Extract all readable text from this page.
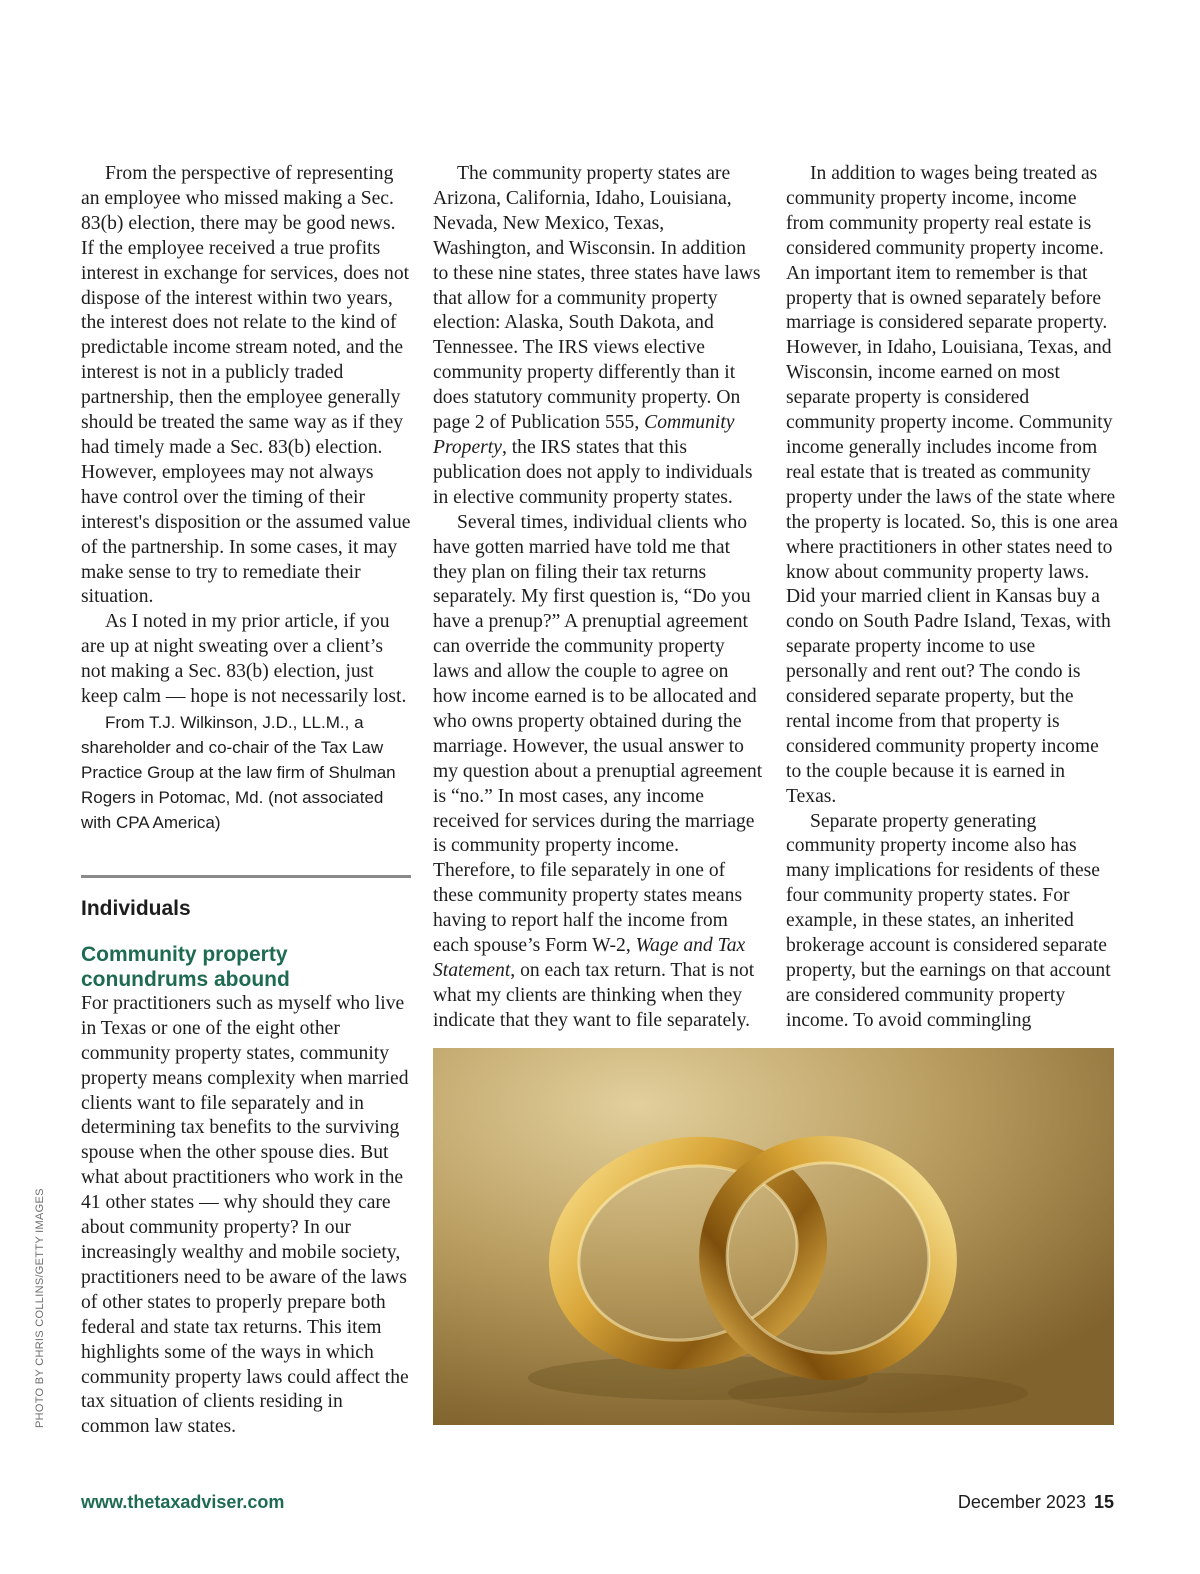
From the perspective of representing an employee who missed making a Sec. 83(b) election, there may be good news. If the employee received a true profits interest in exchange for services, does not dispose of the interest within two years, the interest does not relate to the kind of predictable income stream noted, and the interest is not in a publicly traded partnership, then the employee generally should be treated the same way as if they had timely made a Sec. 83(b) election. However, employees may not always have control over the timing of their interest's disposition or the assumed value of the partnership. In some cases, it may make sense to try to remediate their situation.

As I noted in my prior article, if you are up at night sweating over a client’s not making a Sec. 83(b) election, just keep calm — hope is not necessarily lost.

From T.J. Wilkinson, J.D., LL.M., a shareholder and co-chair of the Tax Law Practice Group at the law firm of Shulman Rogers in Potomac, Md. (not associated with CPA America)

Individuals
Community property conundrums abound

For practitioners such as myself who live in Texas or one of the eight other community property states, community property means complexity when married clients want to file separately and in determining tax benefits to the surviving spouse when the other spouse dies. But what about practitioners who work in the 41 other states — why should they care about community property? In our increasingly wealthy and mobile society, practitioners need to be aware of the laws of other states to properly prepare both federal and state tax returns. This item highlights some of the ways in which community property laws could affect the tax situation of clients residing in common law states.

The community property states are Arizona, California, Idaho, Louisiana, Nevada, New Mexico, Texas, Washington, and Wisconsin. In addition to these nine states, three states have laws that allow for a community property election: Alaska, South Dakota, and Tennessee. The IRS views elective community property differently than it does statutory community property. On page 2 of Publication 555, Community Property, the IRS states that this publication does not apply to individuals in elective community property states.

Several times, individual clients who have gotten married have told me that they plan on filing their tax returns separately. My first question is, “Do you have a prenup?” A prenuptial agreement can override the community property laws and allow the couple to agree on how income earned is to be allocated and who owns property obtained during the marriage. However, the usual answer to my question about a prenuptial agreement is “no.” In most cases, any income received for services during the marriage is community property income. Therefore, to file separately in one of these community property states means having to report half the income from each spouse’s Form W-2, Wage and Tax Statement, on each tax return. That is not what my clients are thinking when they indicate that they want to file separately.

In addition to wages being treated as community property income, income from community property real estate is considered community property income. An important item to remember is that property that is owned separately before marriage is considered separate property. However, in Idaho, Louisiana, Texas, and Wisconsin, income earned on most separate property is considered community property income. Community income generally includes income from real estate that is treated as community property under the laws of the state where the property is located. So, this is one area where practitioners in other states need to know about community property laws. Did your married client in Kansas buy a condo on South Padre Island, Texas, with separate property income to use personally and rent out? The condo is considered separate property, but the rental income from that property is considered community property income to the couple because it is earned in Texas.

Separate property generating community property income also has many implications for residents of these four community property states. For example, in these states, an inherited brokerage account is considered separate property, but the earnings on that account are considered community property income. To avoid commingling

PHOTO BY CHRIS COLLINS/GETTY IMAGES
www.thetaxadviser.com	December 2023 15
